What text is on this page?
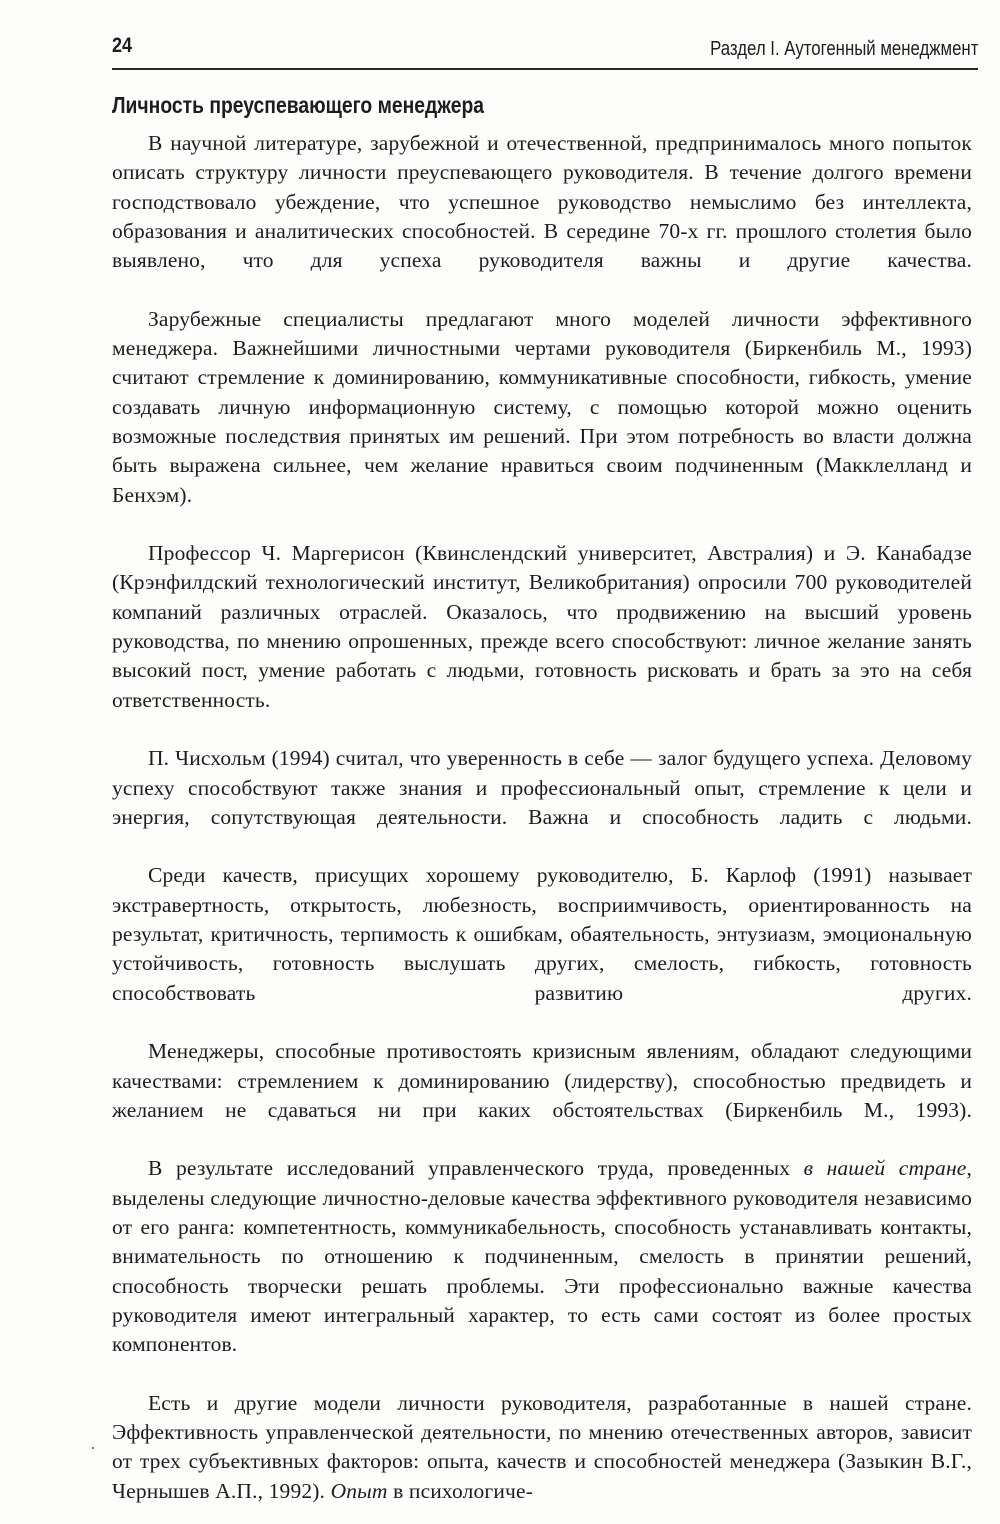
24	Раздел I. Аутогенный менеджмент
Личность преуспевающего менеджера

В научной литературе, зарубежной и отечественной, предпринималось много попыток описать структуру личности преуспевающего руководителя. В течение долгого времени господствовало убеждение, что успешное руководство немыслимо без интеллекта, образования и аналитических способностей. В середине 70-х гг. прошлого столетия было выявлено, что для успеха руководителя важны и другие качества.

Зарубежные специалисты предлагают много моделей личности эффективного менеджера. Важнейшими личностными чертами руководителя (Биркенбиль М., 1993) считают стремление к доминированию, коммуникативные способности, гибкость, умение создавать личную информационную систему, с помощью которой можно оценить возможные последствия принятых им решений. При этом потребность во власти должна быть выражена сильнее, чем желание нравиться своим подчиненным (Макклелланд и Бенхэм).

Профессор Ч. Маргерисон (Квинслендский университет, Австралия) и Э. Канабадзе (Крэнфилдский технологический институт, Великобритания) опросили 700 руководителей компаний различных отраслей. Оказалось, что продвижению на высший уровень руководства, по мнению опрошенных, прежде всего способствуют: личное желание занять высокий пост, умение работать с людьми, готовность рисковать и брать за это на себя ответственность.

П. Чисхольм (1994) считал, что уверенность в себе — залог будущего успеха. Деловому успеху способствуют также знания и профессиональный опыт, стремление к цели и энергия, сопутствующая деятельности. Важна и способность ладить с людьми.

Среди качеств, присущих хорошему руководителю, Б. Карлоф (1991) называет экстравертность, открытость, любезность, восприимчивость, ориентированность на результат, критичность, терпимость к ошибкам, обаятельность, энтузиазм, эмоциональную устойчивость, готовность выслушать других, смелость, гибкость, готовность способствовать развитию других.

Менеджеры, способные противостоять кризисным явлениям, обладают следующими качествами: стремлением к доминированию (лидерству), способностью предвидеть и желанием не сдаваться ни при каких обстоятельствах (Биркенбиль М., 1993).

В результате исследований управленческого труда, проведенных в нашей стране, выделены следующие личностно-деловые качества эффективного руководителя независимо от его ранга: компетентность, коммуникабельность, способность устанавливать контакты, внимательность по отношению к подчиненным, смелость в принятии решений, способность творчески решать проблемы. Эти профессионально важные качества руководителя имеют интегральный характер, то есть сами состоят из более простых компонентов.

Есть и другие модели личности руководителя, разработанные в нашей стране. Эффективность управленческой деятельности, по мнению отечественных авторов, зависит от трех субъективных факторов: опыта, качеств и способностей менеджера (Зазыкин В.Г., Чернышев А.П., 1992). Опыт в психологиче-
